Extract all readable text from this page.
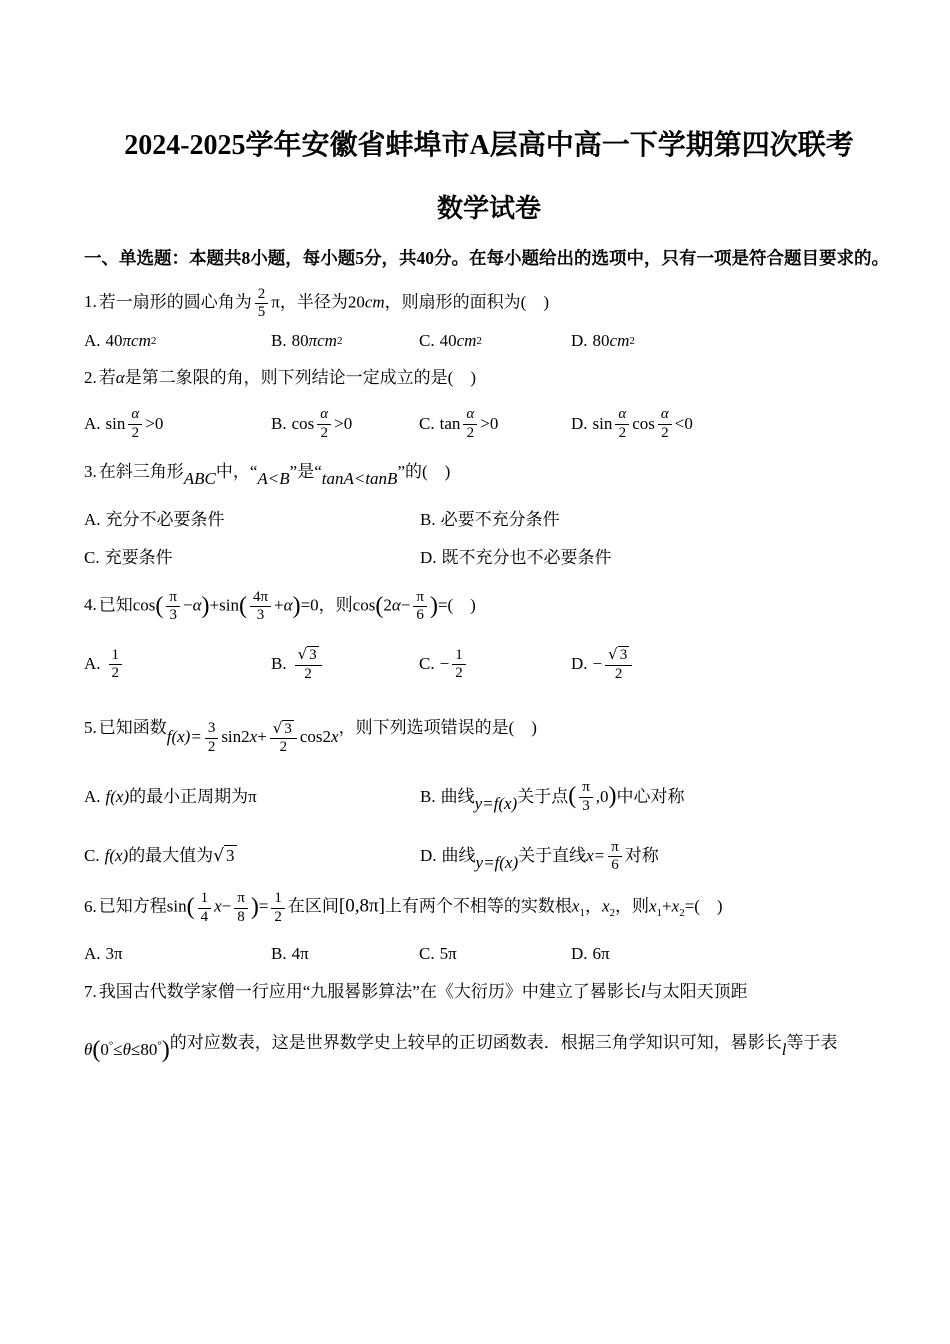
2024-2025学年安徽省蚌埠市A层高中高一下学期第四次联考
数学试卷
一、单选题：本题共8小题，每小题5分，共40分。在每小题给出的选项中，只有一项是符合题目要求的。
1. 若一扇形的圆心角为 $\frac{2}{5}$ π，半径为20cm，则扇形的面积为(　)
A. 40 πcm 2	B. 80 πcm 2	C. 40 cm 2	D. 80 cm 2
2. 若α是第二象限的角，则下列结论一定成立的是(　)
A. $\sin \frac{\alpha}{2} >0$	B. $\cos \frac{\alpha}{2} >0$	C. $\tan \frac{\alpha}{2} >0$	D. $\sin \frac{\alpha}{2}$ $\cos \frac{\alpha}{2} <0$
3. 在斜三角形ABC中，“A<B”是“tanA<tanB”的(　)
A. 充分不必要条件	B. 必要不充分条件
C. 充要条件	D. 既不充分也不必要条件
4. 已知$\cos( \frac{\pi}{3} -\alpha)+\sin( \frac{4\pi}{3} +\alpha)=0$，则$\cos(2\alpha- \frac{\pi}{6}$ )=(　)
A. $\frac{1}{2}$	B. $\frac{√ 3}{2}$	C. − $\frac{1}{2}$	D. − $\frac{√ 3}{2}$
5. 已知函数$f(x)= \frac{3}{2} \sin 2x+ \frac{√ 3}{2} \cos 2x$，则下列选项错误的是(　)
A. f(x) 的最小正周期为 π	B. 曲线 y=f(x) 关于点 ( $\frac{\pi}{3} ,0$ ) 中心对称
C. f(x) 的最大值为 √ 3	D. 曲线 y=f(x) 关于直线 $x= \frac{\pi}{6}$ 对称
6. 已知方程$\sin( \frac{1}{4} x- \frac{\pi}{8}$ )= $\frac{1}{2}$ 在区间[0,8π]上有两个不相等的实数根$x_1$，$x_2$，则$x_1+x_2=$(　)
A. 3π	B. 4π	C. 5π	D. 6π
7. 我国古代数学家僧一行应用“九服晷影算法”在《大衍历》中建立了晷影长l与太阳天顶距
θ(0°≤θ≤80°)的对应数表，这是世界数学史上较早的正切函数表．根据三角学知识可知，晷影长l等于表
